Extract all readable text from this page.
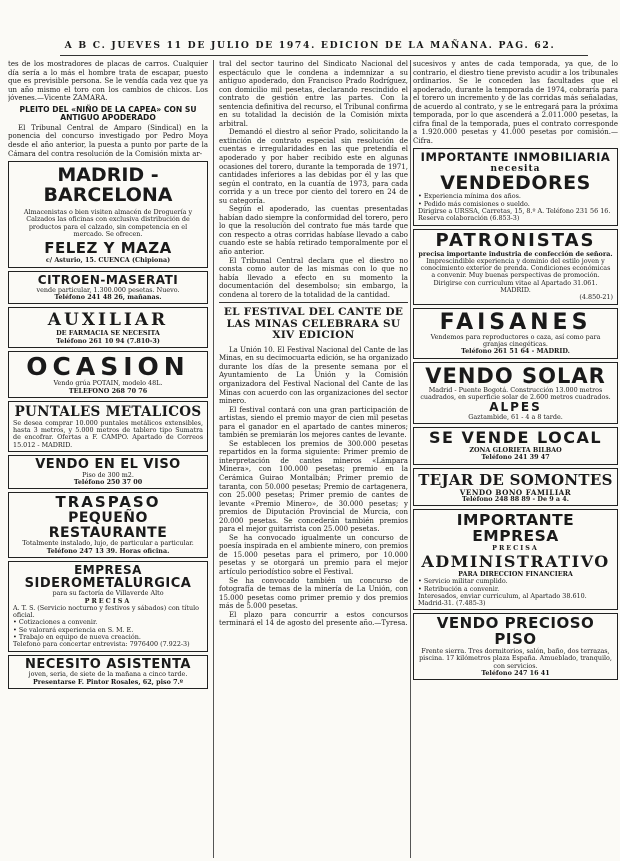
A B C. JUEVES 11 DE JULIO DE 1974. EDICION DE LA MAÑANA. PAG. 62.

tes de los mostradores de placas de carros. Cualquier día sería a lo más el hombre trata de escapar, puesto que es previsible persona. Se le vendía cada vez que ya un año mismo el toro con los cambios de chicos. Los jóvenes.—Vicente ZAMARA.

PLEITO DEL «NIÑO DE LA CAPEA» CON SU ANTIGUO APODERADO

El Tribunal Central de Amparo (Sindical) en la ponencia del concurso investigado por Pedro Moya desde el año anterior, la puesta a punto por parte de la Cámara del contra resolución de la Comisión mixta ar-

MADRID - BARCELONA

Almacenistas o bien visiten almacén de Droguería y Calzados las oficinas con exclusiva distribución de productos para el calzado, sin competencia en el mercado. Se ofrecen.

FELEZ Y MAZA

c/ Asturio, 15. CUENCA (Chipiona)

CITROEN-MASERATI

vende particular, 1.300.000 pesetas. Nuevo.

Teléfono 241 48 26, mañanas.

AUXILIAR

DE FARMACIA SE NECESITA

Teléfono 261 10 94 (7.810-3)

OCASION

Vendo grúa POTAIN, modelo 48L.

TELEFONO 268 70 76

PUNTALES METALICOS

Se desea comprar 10.000 puntales metálicos extensibles, hasta 3 metros, y 5.000 metros de tablero tipo Sumatra de encofrar. Ofertas a F. CAMPO. Apartado de Correos 15.012 - MADRID.

VENDO EN EL VISO

Piso de 300 m2.

Teléfono 250 37 00

TRASPASO
PEQUEÑO RESTAURANTE

Totalmente instalado, lujo, de particular a particular.

Teléfono 247 13 39. Horas oficina.

EMPRESA
SIDEROMETALURGICA

para su factoría de Villaverde Alto

PRECISA

A. T. S. (Servicio nocturno y festivos y sábados) con título oficial.

• Cotizaciones a convenir.

• Se valorará experiencia en S. M. E.

• Trabajo en equipo de nueva creación.

Telefono para concertar entrevista: 7976400 (7.922-3)

NECESITO ASISTENTA

joven, seria, de siete de la mañana a cinco tarde.

Presentarse F. Pintor Rosales, 62, piso 7.º

tral del sector taurino del Sindicato Nacional del espectáculo que le condena a indemnizar a su antiguo apoderado, don Francisco Prado Rodríguez, con domicilio mil pesetas, declarando rescindido el contrato de gestión entre las partes. Con la sentencia definitiva del recurso, el Tribunal confirma en su totalidad la decisión de la Comisión mixta arbitral.

Demandó el diestro al señor Prado, solicitando la extinción de contrato especial sin resolución de cuentas e irregularidades en las que pretendía el apoderado y por haber recibido este en algunas ocasiones del torero, durante la temporada de 1971, cantidades inferiores a las debidas por él y las que según el contrato, en la cuantía de 1973, para cada corrida y a un trece por ciento del torero en 24 de su categoría.

Según el apoderado, las cuentas presentadas habían dado siempre la conformidad del torero, pero lo que la resolución del contrato fue más tarde que con respecto a otras corridas habíase llevado a cabo cuando este se había retirado temporalmente por el año anterior.

El Tribunal Central declara que el diestro no consta como autor de las mismas con lo que no había llevado a efecto en su momento la documentación del desembolso; sin embargo, la condena al torero de la totalidad de la cantidad.

EL FESTIVAL DEL CANTE DE LAS MINAS CELEBRARA SU XIV EDICION

La Unión 10. El Festival Nacional del Cante de las Minas, en su decimocuarta edición, se ha organizado durante los días de la presente semana por el Ayuntamiento de La Unión y la Comisión organizadora del Festival Nacional del Cante de las Minas con acuerdo con las organizaciones del sector minero.

El festival contará con una gran participación de artistas, siendo el premio mayor de cien mil pesetas para el ganador en el apartado de cantes mineros; también se premiarán los mejores cantes de levante.

Se establecen los premios de 300.000 pesetas repartidos en la forma siguiente: Primer premio de interpretación de cantes mineros «Lámpara Minera», con 100.000 pesetas; premio en la Cerámica Guirao Montalbán; Primer premio de taranta, con 50.000 pesetas; Premio de cartagenera, con 25.000 pesetas; Primer premio de cantes de levante «Premio Minero», de 30.000 pesetas; y premios de Diputación Provincial de Murcia, con 20.000 pesetas. Se concederán también premios para el mejor guitarrista con 25.000 pesetas.

Se ha convocado igualmente un concurso de poesía inspirada en el ambiente minero, con premios de 15.000 pesetas para el primero, por 10.000 pesetas y se otorgará un premio para el mejor artículo periodístico sobre el Festival.

Se ha convocado también un concurso de fotografía de temas de la minería de La Unión, con 15.000 pesetas como primer premio y dos premios más de 5.000 pesetas.

El plazo para concurrir a estos concursos terminará el 14 de agosto del presente año.—Tyresa.

sucesivos y antes de cada temporada, ya que, de lo contrario, el diestro tiene previsto acudir a los tribunales ordinarios. Se le conceden las facultades que el apoderado, durante la temporada de 1974, cobraría para el torero un incremento y de las corridas más señaladas, de acuerdo al contrato, y se le entregará para la próxima temporada, por lo que ascenderá a 2.011.000 pesetas, la cifra final de la temporada, pues el contrato corresponde a 1.920.000 pesetas y 41.000 pesetas por comisión.—Cifra.

IMPORTANTE INMOBILIARIA

necesita

VENDEDORES

• Experiencia mínima dos años.

• Pedido más comisiones o sueldo.

Dirigirse a URSSA, Carretas, 15, 8.º A. Teléfono 231 56 16. Reserva colaboración (6.853-3)

PATRONISTAS

precisa importante industria de confección de señora.

Imprescindible experiencia y dominio del estilo joven y conocimiento exterior de prenda. Condiciones económicas a convenir. Muy buenas perspectivas de promoción. Dirigirse con curriculum vitae al Apartado 31.061. MADRID.

(4.850-21)

FAISANES

Vendemos para reproductores o caza, así como para granjas cinegéticas.

Teléfono 261 51 64 - MADRID.

VENDO SOLAR

Madrid - Puente Bogotá. Construcción 13.000 metros cuadrados, en superficie solar de 2.600 metros cuadrados.

ALPES

Gaztambide, 61 - 4 a 8 tarde.

SE VENDE LOCAL

ZONA GLORIETA BILBAO

Teléfono 241 39 47

TEJAR DE SOMONTES

VENDO BONO FAMILIAR

Teléfono 248 88 89 - De 9 a 4.

IMPORTANTE EMPRESA

PRECISA

ADMINISTRATIVO

PARA DIRECCION FINANCIERA

• Servicio militar cumplido.

• Retribución a convenir.

Interesados, enviar curriculum, al Apartado 38.610. Madrid-31. (7.485-3)

VENDO PRECIOSO PISO

Frente sierra. Tres dormitorios, salón, baño, dos terrazas, piscina. 17 kilómetros plaza España. Amueblado, tranquilo, con servicios.

Teléfono 247 16 41
